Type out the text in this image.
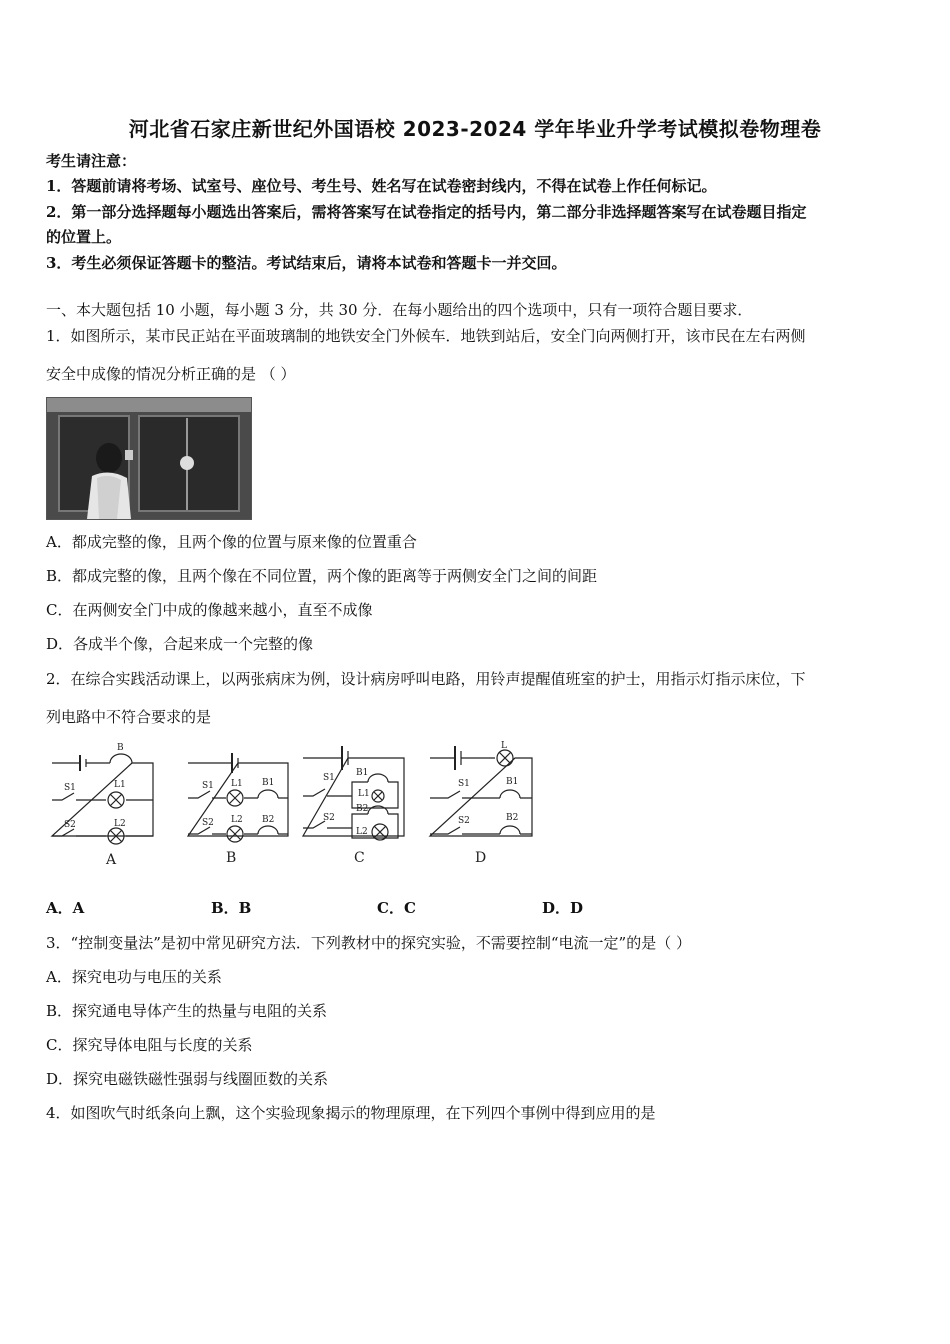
河北省石家庄新世纪外国语校 2023-2024 学年毕业升学考试模拟卷物理卷
考生请注意：
1．答题前请将考场、试室号、座位号、考生号、姓名写在试卷密封线内，不得在试卷上作任何标记。
2．第一部分选择题每小题选出答案后，需将答案写在试卷指定的括号内，第二部分非选择题答案写在试卷题目指定
的位置上。
3．考生必须保证答题卡的整洁。考试结束后，请将本试卷和答题卡一并交回。
一、本大题包括 10 小题，每小题 3 分，共 30 分．在每小题给出的四个选项中，只有一项符合题目要求．
1．如图所示，某市民正站在平面玻璃制的地铁安全门外候车．地铁到站后，安全门向两侧打开，该市民在左右两侧
安全中成像的情况分析正确的是 （ ）
A．都成完整的像，且两个像的位置与原来像的位置重合
B．都成完整的像，且两个像在不同位置，两个像的距离等于两侧安全门之间的间距
C．在两侧安全门中成的像越来越小，直至不成像
D．各成半个像，合起来成一个完整的像
2．在综合实践活动课上，以两张病床为例，设计病房呼叫电路，用铃声提醒值班室的护士，用指示灯指示床位，下
列电路中不符合要求的是
B
S1	L1
S2	L2
A
S1 L1 B1
S2 L2 B2
B
S1 B1
L1
S2
B2
L2
C
L
S1	B1
S2	B2
D
A．A	B．B	C．C	D．D
3．“控制变量法”是初中常见研究方法．下列教材中的探究实验，不需要控制“电流一定”的是（ ）
A．探究电功与电压的关系
B．探究通电导体产生的热量与电阻的关系
C．探究导体电阻与长度的关系
D．探究电磁铁磁性强弱与线圈匝数的关系
4．如图吹气时纸条向上飘，这个实验现象揭示的物理原理，在下列四个事例中得到应用的是
